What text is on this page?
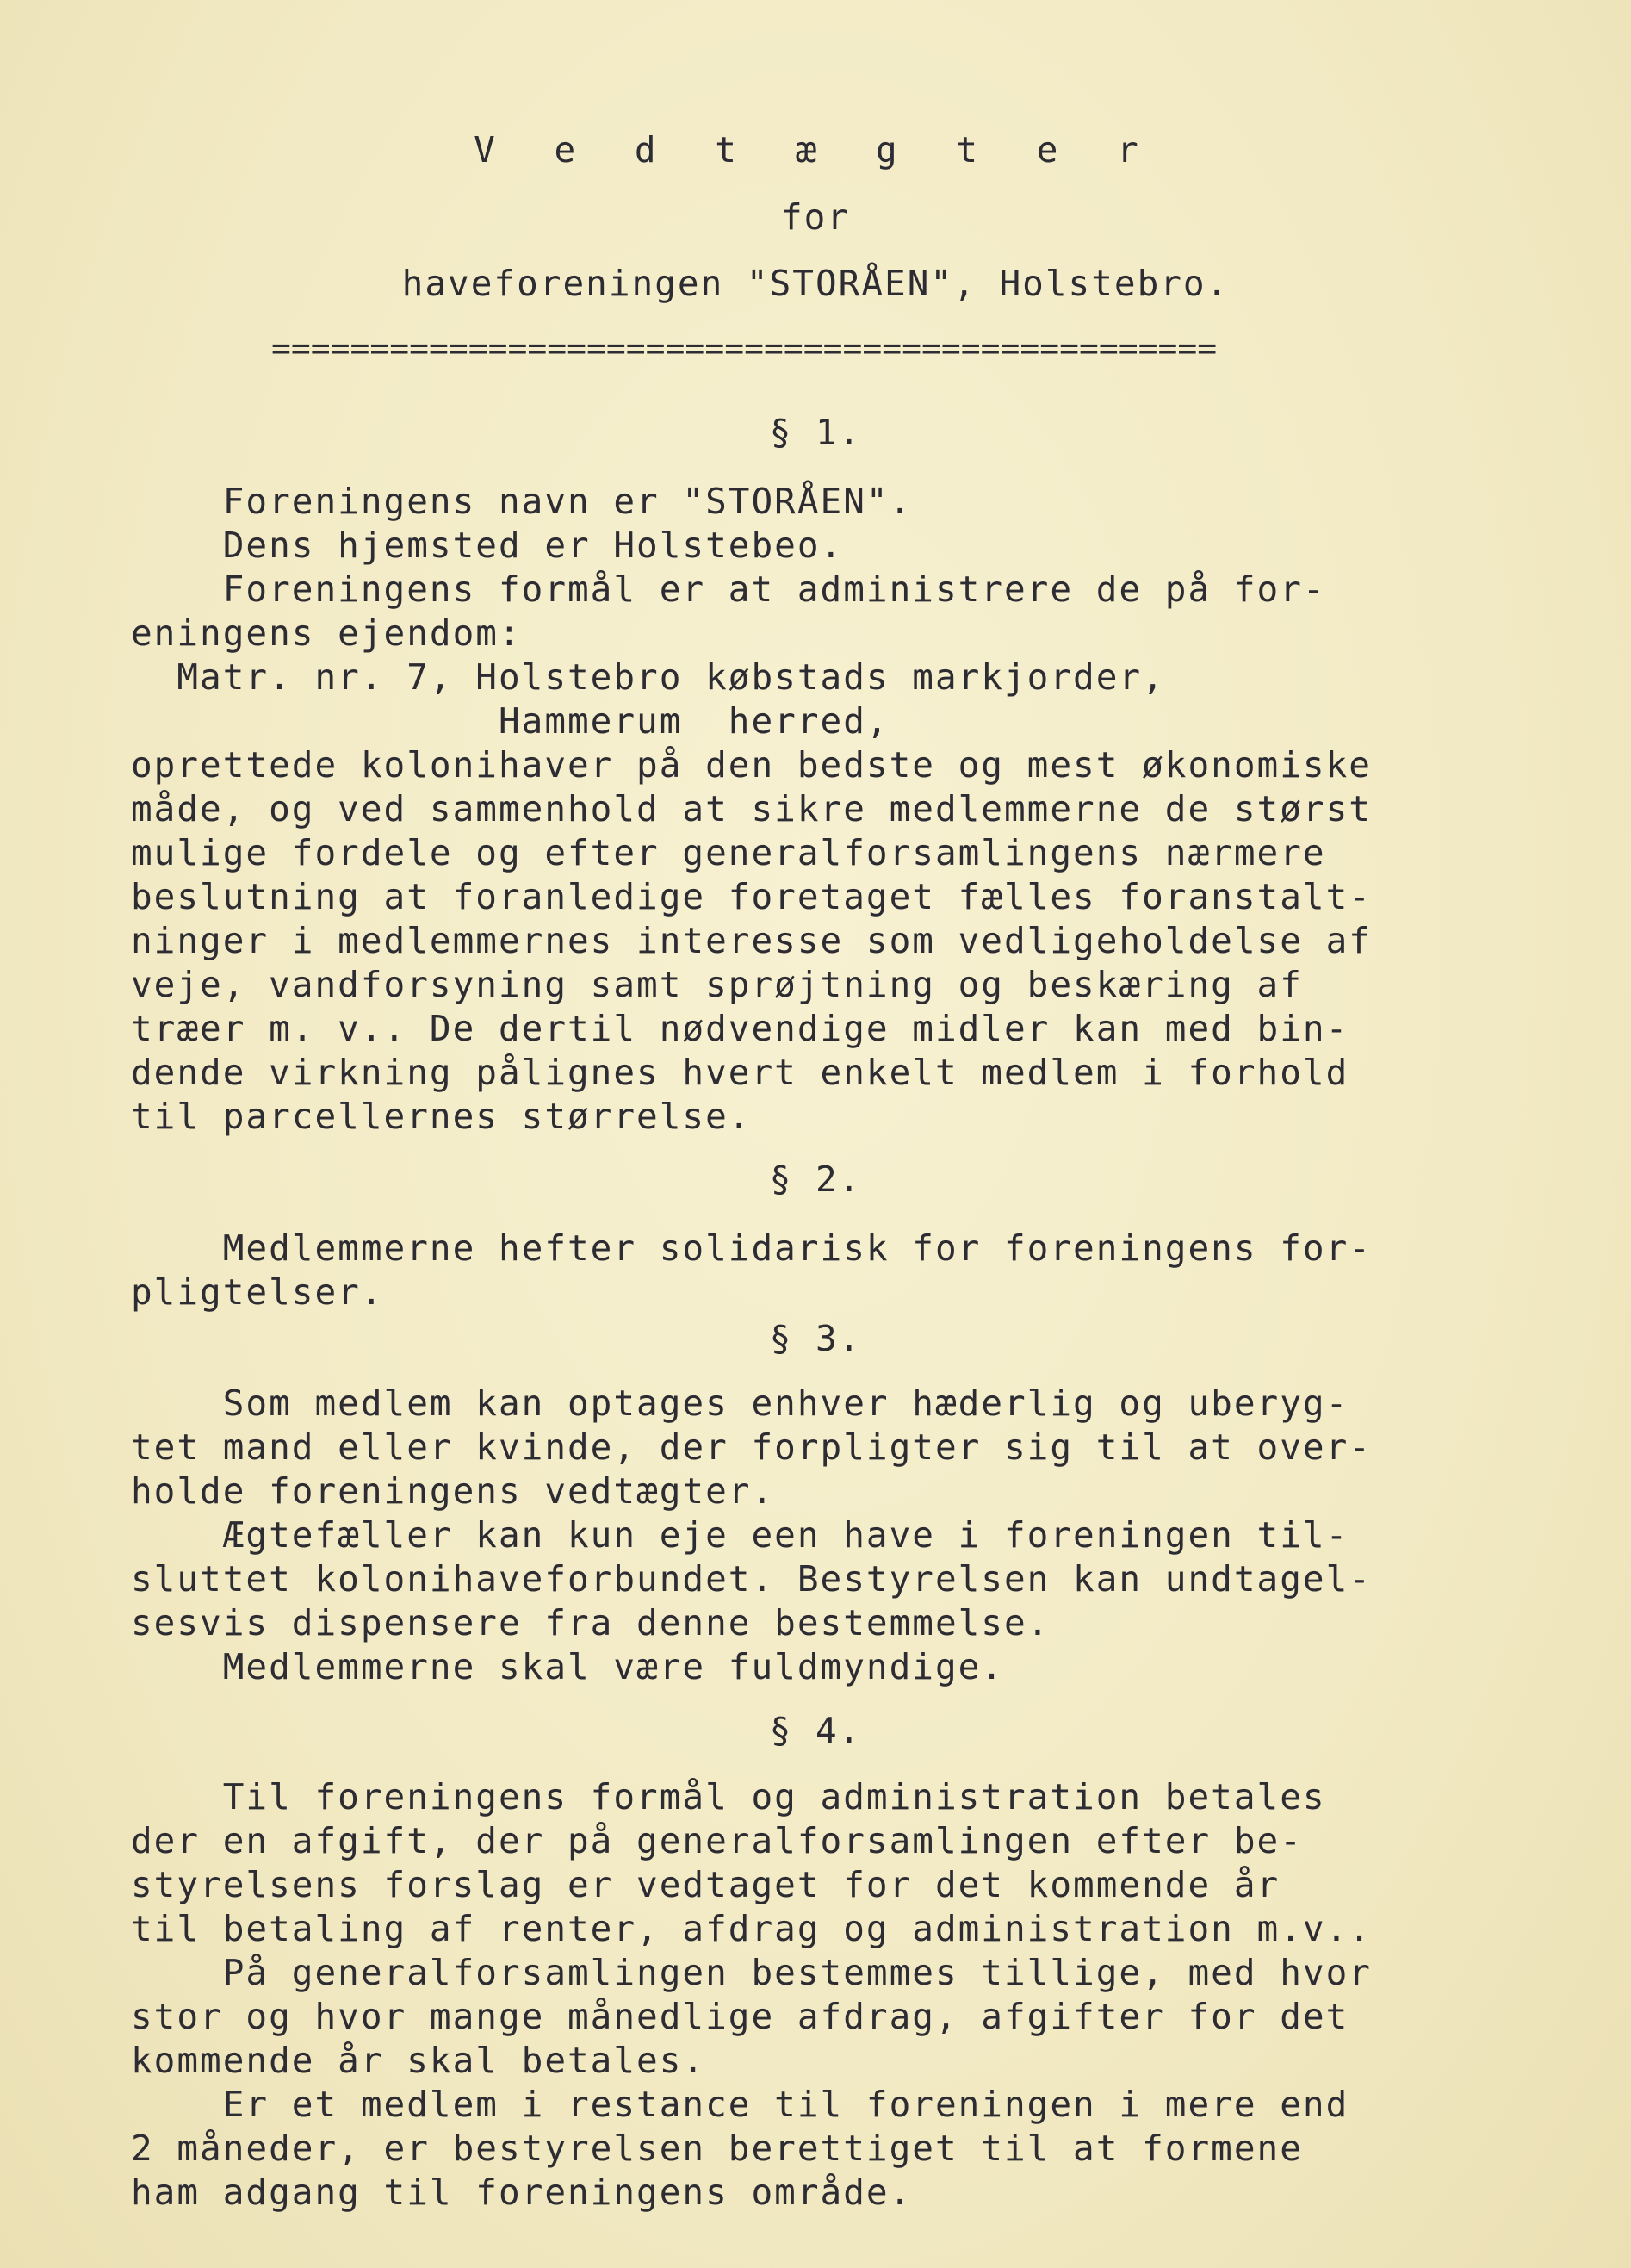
V e d t æ g t e r
for
haveforeningen "STORÅEN", Holstebro.
================================================
§ 1.

Foreningens navn er "STORÅEN".

Dens hjemsted er Holstebeo.

Foreningens formål er at administrere de på for-

eningens ejendom:

Matr. nr. 7, Holstebro købstads markjorder,

Hammerum  herred,

oprettede kolonihaver på den bedste og mest økonomiske

måde, og ved sammenhold at sikre medlemmerne de størst

mulige fordele og efter generalforsamlingens nærmere

beslutning at foranledige foretaget fælles foranstalt-

ninger i medlemmernes interesse som vedligeholdelse af

veje, vandforsyning samt sprøjtning og beskæring af

træer m. v.. De dertil nødvendige midler kan med bin-

dende virkning pålignes hvert enkelt medlem i forhold

til parcellernes størrelse.

§ 2.

Medlemmerne hefter solidarisk for foreningens for-

pligtelser.

§ 3.

Som medlem kan optages enhver hæderlig og uberyg-

tet mand eller kvinde, der forpligter sig til at over-

holde foreningens vedtægter.

Ægtefæller kan kun eje een have i foreningen til-

sluttet kolonihaveforbundet. Bestyrelsen kan undtagel-

sesvis dispensere fra denne bestemmelse.

Medlemmerne skal være fuldmyndige.

§ 4.

Til foreningens formål og administration betales

der en afgift, der på generalforsamlingen efter be-

styrelsens forslag er vedtaget for det kommende år

til betaling af renter, afdrag og administration m.v..

På generalforsamlingen bestemmes tillige, med hvor

stor og hvor mange månedlige afdrag, afgifter for det

kommende år skal betales.

Er et medlem i restance til foreningen i mere end

2 måneder, er bestyrelsen berettiget til at formene

ham adgang til foreningens område.
